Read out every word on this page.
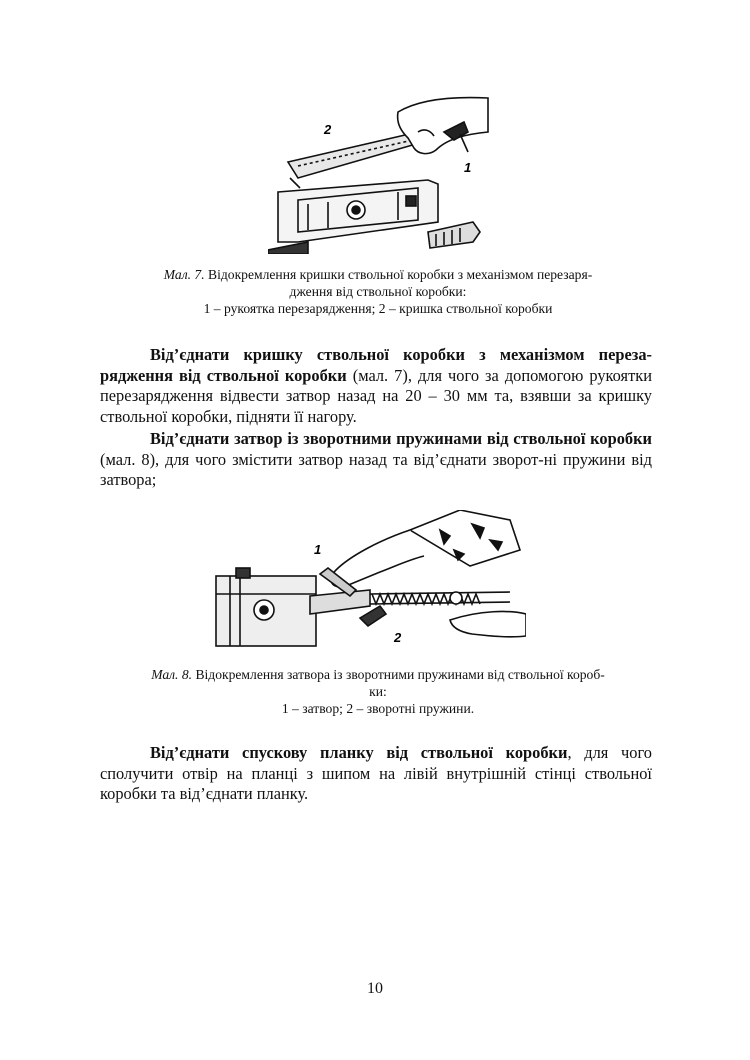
2
1
Мал. 7. Відокремлення кришки ствольної коробки з механізмом перезаря-
дження від ствольної коробки:
1 – рукоятка перезарядження; 2 – кришка ствольної коробки
Від’єднати кришку ствольної коробки з механізмом переза-рядження від ствольної коробки (мал. 7), для чого за допомогою рукоятки перезарядження відвести затвор назад на 20 – 30 мм та, взявши за кришку ствольної коробки, підняти її нагору.
Від’єднати затвор із зворотними пружинами від ствольної коробки (мал. 8), для чого змістити затвор назад та від’єднати зворот-ні пружини від затвора;
1
2
Мал. 8. Відокремлення затвора із зворотними пружинами від ствольної короб-
ки:
1 – затвор; 2 – зворотні пружини.
Від’єднати спускову планку від ствольної коробки, для чого сполучити отвір на планці з шипом на лівій внутрішній стінці ствольної коробки та від’єднати планку.
10
